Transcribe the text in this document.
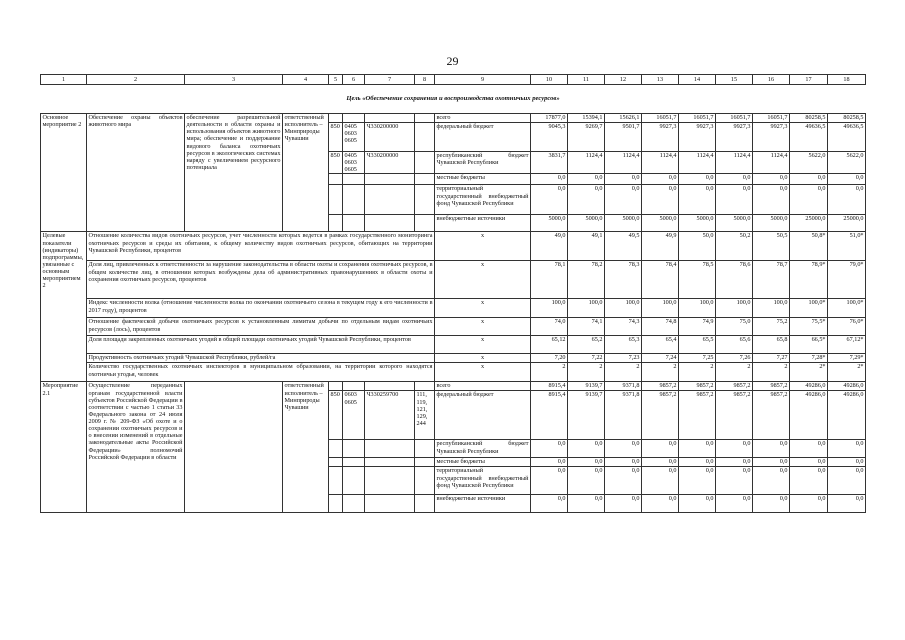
29
1	2	3	4	5	6	7	8	9	10	11	12	13	14	15	16	17	18
Цель «Обеспечение сохранения и воспроизводства охотничьих ресурсов»																	
Основное мероприятие 2	Обеспечение охраны объектов животного мира	обеспечение разрешительной деятельности в области охраны и использования объектов животного мира; обеспечение и поддержание видового баланса охотничьих ресурсов в экологических системах наряду с увеличением ресурсного потенциала	ответственный исполнитель –
Минприроды Чувашии					всего	17877,0	15394,1	15626,1	16051,7	16051,7	16051,7	16051,7	80258,5	80258,5
				850	0405 0603 0605	Ч330200000		федеральный бюджет	9045,3	9269,7	9501,7	9927,3	9927,3	9927,3	9927,3	49636,5	49636,5
				850	0405 0603 0605	Ч330200000		республиканский бюджет Чувашской Республики	3831,7	1124,4	1124,4	1124,4	1124,4	1124,4	1124,4	5622,0	5622,0
								местные бюджеты	0,0	0,0	0,0	0,0	0,0	0,0	0,0	0,0	0,0
								территориальный государственный внебюджетный фонд Чувашской Республики	0,0	0,0	0,0	0,0	0,0	0,0	0,0	0,0	0,0
								внебюджетные источники	5000,0	5000,0	5000,0	5000,0	5000,0	5000,0	5000,0	25000,0	25000,0
Целевые показатели (индикаторы) подпрограммы, увязанные с основным мероприятием 2	Отношение количества видов охотничьих ресурсов, учет численности которых ведется в рамках государственного мониторинга охотничьих ресурсов и среды их обитания, к общему количеству видов охотничьих ресурсов, обитающих на территории Чувашской Республики, процентов							x	49,0	49,1	49,5	49,9	50,0	50,2	50,5	50,8*	51,0*
	Доля лиц, привлеченных к ответственности за нарушение законодательства в области охоты и сохранения охотничьих ресурсов, в общем количестве лиц, в отношении которых возбуждены дела об административных правонарушениях в области охоты и сохранения охотничьих ресурсов, процентов							x	78,1	78,2	78,3	78,4	78,5	78,6	78,7	78,9*	79,0*
	Индекс численности волка (отношение численности волка по окончании охотничьего сезона в текущем году к его численности в 2017 году), процентов							x	100,0	100,0	100,0	100,0	100,0	100,0	100,0	100,0*	100,0*
	Отношение фактической добычи охотничьих ресурсов к установленным лимитам добычи по отдельным видам охотничьих ресурсов (лось), процентов							x	74,0	74,1	74,3	74,8	74,9	75,0	75,2	75,5*	76,0*
	Доля площади закрепленных охотничьих угодий в общей площади охотничьих угодий Чувашской Республики, процентов							x	65,12	65,2	65,3	65,4	65,5	65,6	65,8	66,5*	67,12*
	Продуктивность охотничьих угодий Чувашской Республики, рублей/га							x	7,20	7,22	7,23	7,24	7,25	7,26	7,27	7,28*	7,29*
	Количество государственных охотничьих инспекторов в муниципальном образовании, на территории которого находятся охотничьи угодья, человек							x	2	2	2	2	2	2	2	2*	2*
Мероприятие 2.1	Осуществление переданных органам государственной власти субъектов Российской Федерации в соответствии с частью 1 статьи 33 Федерального закона от 24 июля 2009 г. № 209-ФЗ «Об охоте и о сохранении охотничьих ресурсов и о внесении изменений в отдельные законодательные акты Российской Федерации» полномочий Российской Федерации в области		ответственный исполнитель –
Минприроды Чувашии					всего	8915,4	9139,7	9371,8	9857,2	9857,2	9857,2	9857,2	49286,0	49286,0
				850	0603 0605	Ч330259700	111, 119, 121, 129, 244	федеральный бюджет	8915,4	9139,7	9371,8	9857,2	9857,2	9857,2	9857,2	49286,0	49286,0
								республиканский бюджет Чувашской Республики	0,0	0,0	0,0	0,0	0,0	0,0	0,0	0,0	0,0
								местные бюджеты	0,0	0,0	0,0	0,0	0,0	0,0	0,0	0,0	0,0
								территориальный государственный внебюджетный фонд Чувашской Республики	0,0	0,0	0,0	0,0	0,0	0,0	0,0	0,0	0,0
								внебюджетные источники	0,0	0,0	0,0	0,0	0,0	0,0	0,0	0,0	0,0
